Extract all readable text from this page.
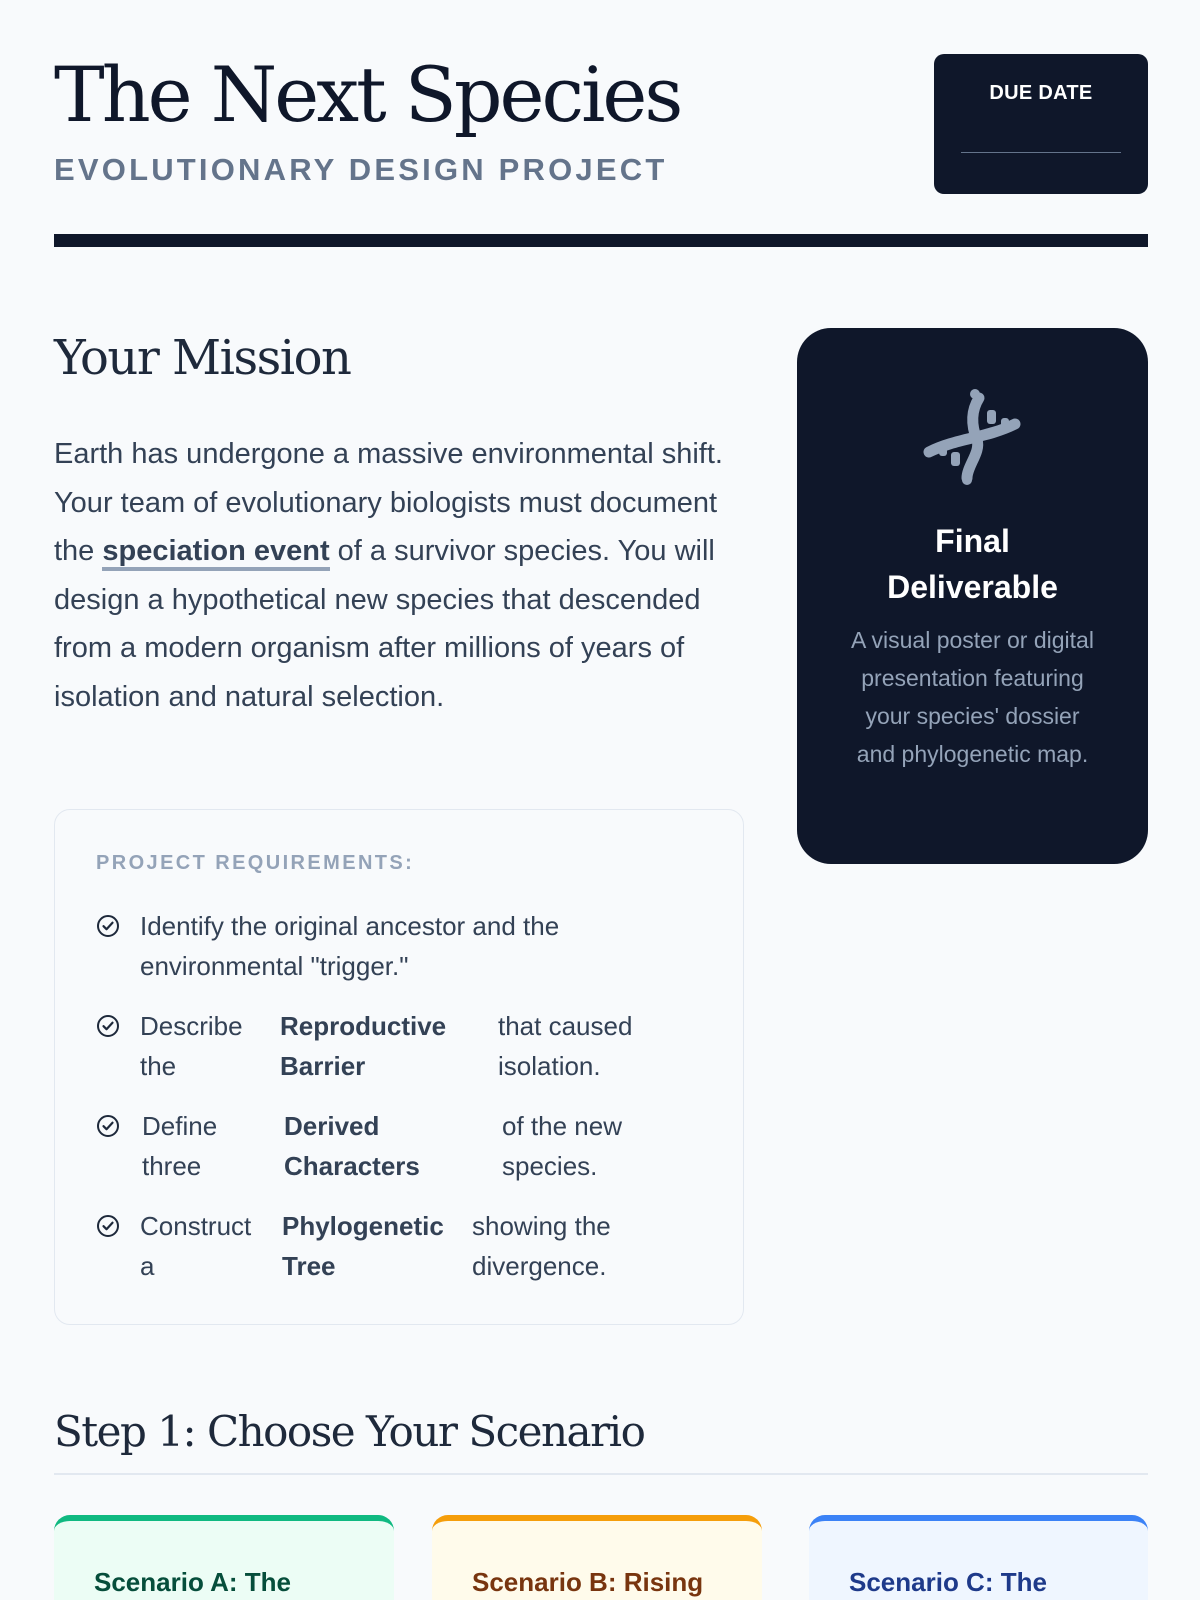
The Next Species
EVOLUTIONARY DESIGN PROJECT
DUE DATE
Your Mission

Earth has undergone a massive environmental shift. Your team of evolutionary biologists must document the speciation event of a survivor species. You will design a hypothetical new species that descended from a modern organism after millions of years of isolation and natural selection.

PROJECT REQUIREMENTS:
Identify the original ancestor and the environmental "trigger."
Describe the
Reproductive Barrier
that caused isolation.
Define three
Derived Characters
of the new species.
Construct a
Phylogenetic Tree
showing the divergence.
Final Deliverable
A visual poster or digital presentation featuring your species' dossier and phylogenetic map.
Step 1: Choose Your Scenario
Scenario A: The	Scenario B: Rising	Scenario C: The
